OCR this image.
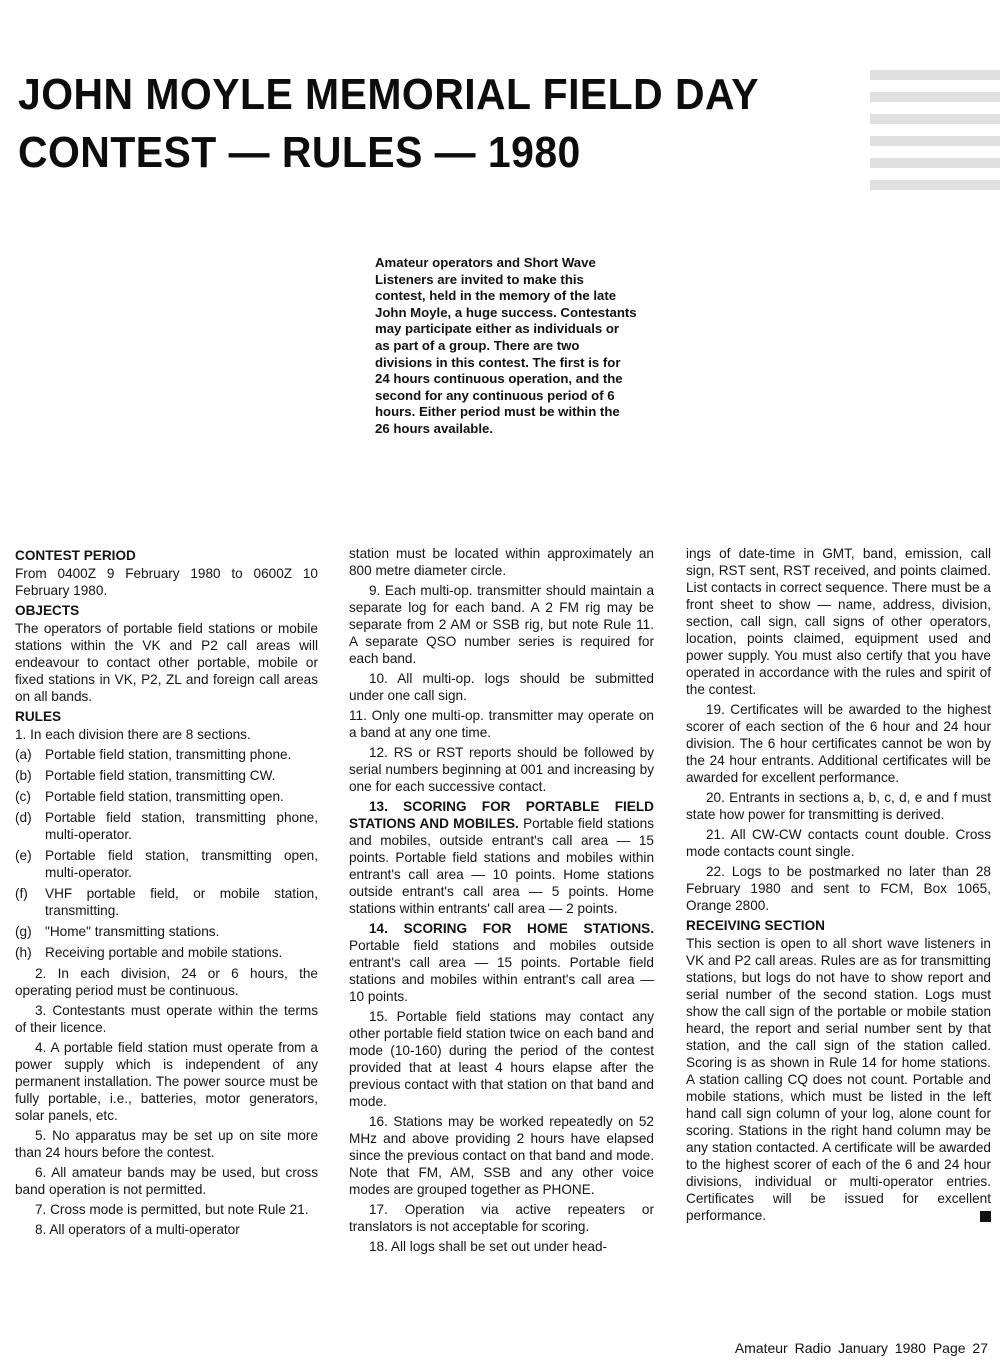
JOHN MOYLE MEMORIAL FIELD DAY
CONTEST — RULES — 1980
Amateur operators and Short Wave Listeners are invited to make this contest, held in the memory of the late John Moyle, a huge success. Contestants may participate either as individuals or as part of a group. There are two divisions in this contest. The first is for 24 hours continuous operation, and the second for any continuous period of 6 hours. Either period must be within the 26 hours available.
CONTEST PERIOD

From 0400Z 9 February 1980 to 0600Z 10 February 1980.

OBJECTS

The operators of portable field stations or mobile stations within the VK and P2 call areas will endeavour to contact other portable, mobile or fixed stations in VK, P2, ZL and foreign call areas on all bands.

RULES

1. In each division there are 8 sections.

(a) Portable field station, transmitting phone.
(b) Portable field station, transmitting CW.
(c)	Portable field station, transmitting open.
(d) Portable field station, transmitting phone, multi-operator.
(e) Portable field station, transmitting open, multi-operator.
(f)	VHF portable field, or mobile station, transmitting.
(g) "Home" transmitting stations.
(h) Receiving portable and mobile stations.

2. In each division, 24 or 6 hours, the operating period must be continuous.

3. Contestants must operate within the terms of their licence.

4. A portable field station must operate from a power supply which is independent of any permanent installation. The power source must be fully portable, i.e., batteries, motor generators, solar panels, etc.

5. No apparatus may be set up on site more than 24 hours before the contest.

6. All amateur bands may be used, but cross band operation is not permitted.

7. Cross mode is permitted, but note Rule 21.

8. All operators of a multi-operator

station must be located within approximately an 800 metre diameter circle.

9. Each multi-op. transmitter should maintain a separate log for each band. A 2 FM rig may be separate from 2 AM or SSB rig, but note Rule 11. A separate QSO number series is required for each band.

10. All multi-op. logs should be submitted under one call sign.

11. Only one multi-op. transmitter may operate on a band at any one time.

12. RS or RST reports should be followed by serial numbers beginning at 001 and increasing by one for each successive contact.

13. SCORING FOR PORTABLE FIELD STATIONS AND MOBILES. Portable field stations and mobiles, outside entrant's call area — 15 points. Portable field stations and mobiles within entrant's call area — 10 points. Home stations outside entrant's call area — 5 points. Home stations within entrants' call area — 2 points.

14. SCORING FOR HOME STATIONS. Portable field stations and mobiles outside entrant's call area — 15 points. Portable field stations and mobiles within entrant's call area — 10 points.

15. Portable field stations may contact any other portable field station twice on each band and mode (10-160) during the period of the contest provided that at least 4 hours elapse after the previous contact with that station on that band and mode.

16. Stations may be worked repeatedly on 52 MHz and above providing 2 hours have elapsed since the previous contact on that band and mode. Note that FM, AM, SSB and any other voice modes are grouped together as PHONE.

17. Operation via active repeaters or translators is not acceptable for scoring.

18. All logs shall be set out under head-

ings of date-time in GMT, band, emission, call sign, RST sent, RST received, and points claimed. List contacts in correct sequence. There must be a front sheet to show — name, address, division, section, call sign, call signs of other operators, location, points claimed, equipment used and power supply. You must also certify that you have operated in accordance with the rules and spirit of the contest.

19. Certificates will be awarded to the highest scorer of each section of the 6 hour and 24 hour division. The 6 hour certificates cannot be won by the 24 hour entrants. Additional certificates will be awarded for excellent performance.

20. Entrants in sections a, b, c, d, e and f must state how power for transmitting is derived.

21. All CW-CW contacts count double. Cross mode contacts count single.

22. Logs to be postmarked no later than 28 February 1980 and sent to FCM, Box 1065, Orange 2800.

RECEIVING SECTION

This section is open to all short wave listeners in VK and P2 call areas. Rules are as for transmitting stations, but logs do not have to show report and serial number of the second station. Logs must show the call sign of the portable or mobile station heard, the report and serial number sent by that station, and the call sign of the station called. Scoring is as shown in Rule 14 for home stations. A station calling CQ does not count. Portable and mobile stations, which must be listed in the left hand call sign column of your log, alone count for scoring. Stations in the right hand column may be any station contacted. A certificate will be awarded to the highest scorer of each of the 6 and 24 hour divisions, individual or multi-operator entries. Certificates will be issued for excellent performance.

Amateur Radio January 1980 Page 27
